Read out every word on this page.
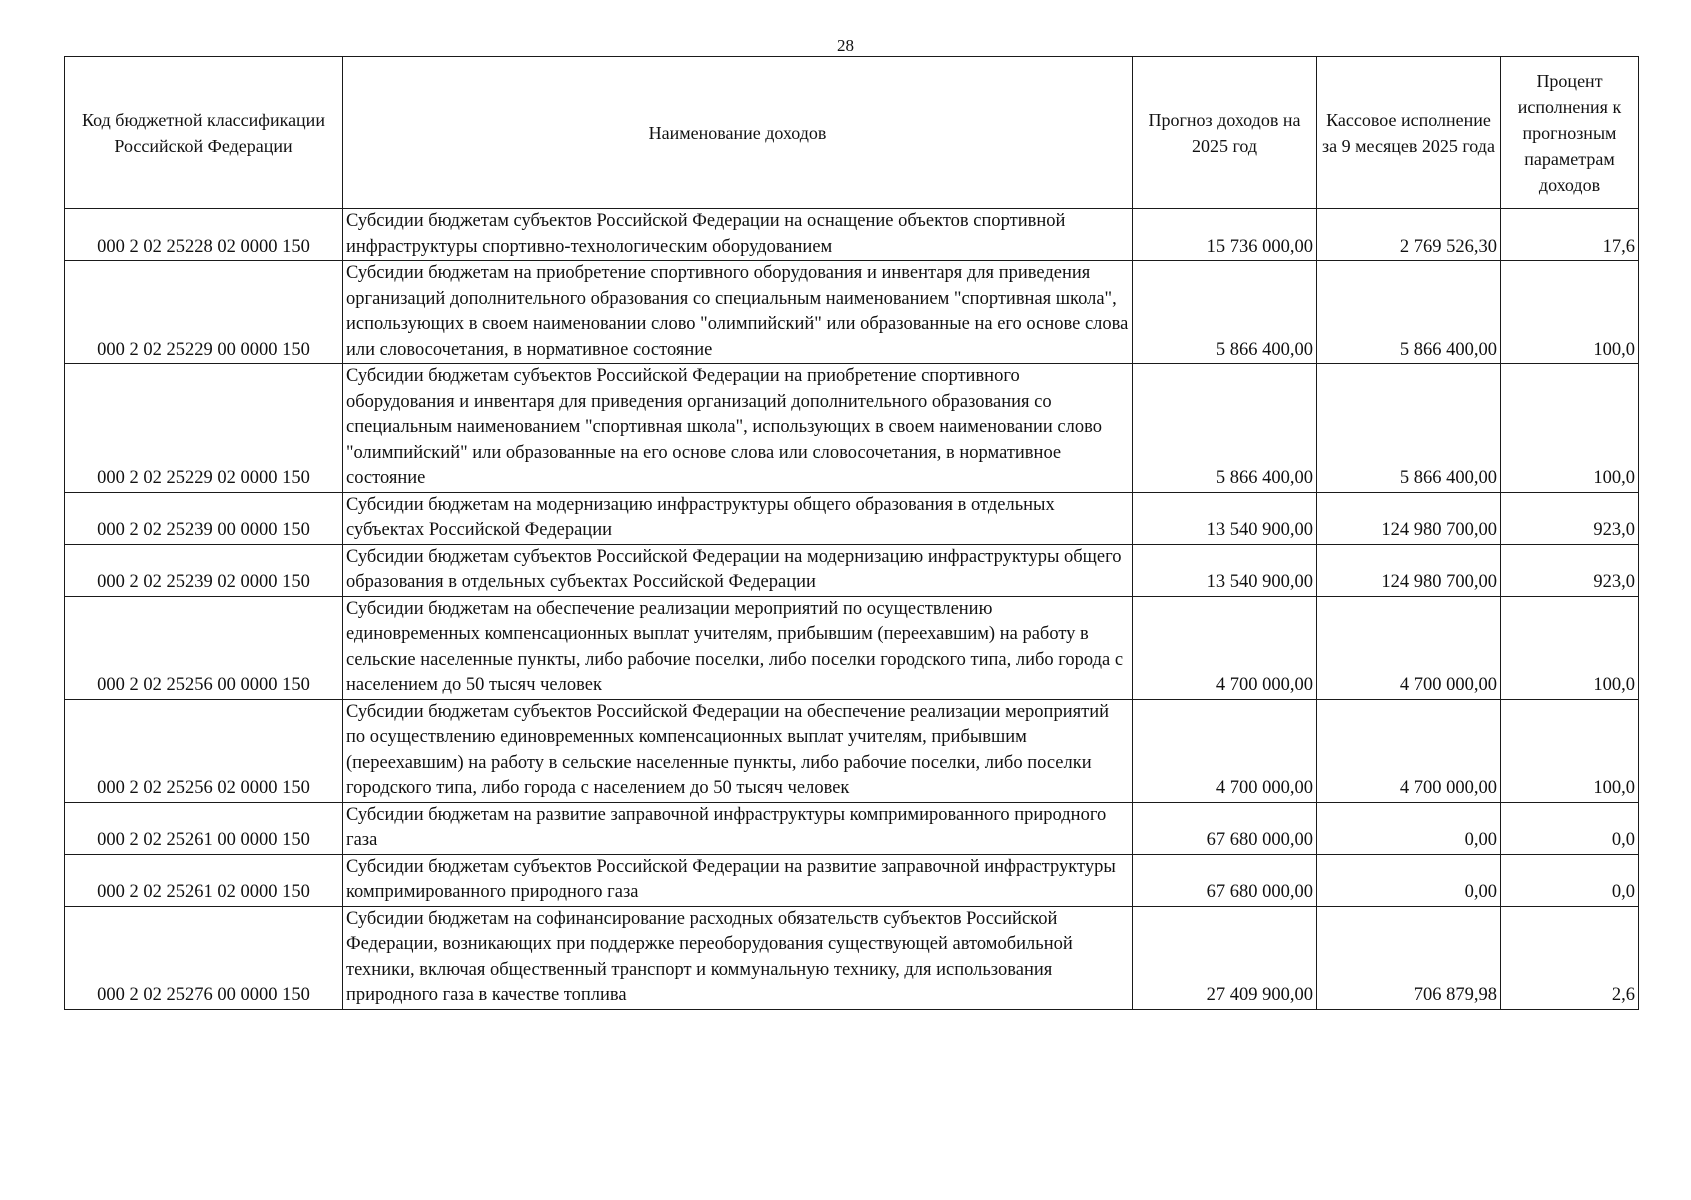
28
Код бюджетной классификации Российской Федерации	Наименование доходов	Прогноз доходов на 2025 год	Кассовое исполнение за 9 месяцев 2025 года	Процент исполнения к прогнозным параметрам доходов
000 2 02 25228 02 0000 150	Субсидии бюджетам субъектов Российской Федерации на оснащение объектов спортивной инфраструктуры спортивно-технологическим оборудованием	15 736 000,00	2 769 526,30	17,6
000 2 02 25229 00 0000 150	Субсидии бюджетам на приобретение спортивного оборудования и инвентаря для приведения организаций дополнительного образования со специальным наименованием "спортивная школа", использующих в своем наименовании слово "олимпийский" или образованные на его основе слова или словосочетания, в нормативное состояние	5 866 400,00	5 866 400,00	100,0
000 2 02 25229 02 0000 150	Субсидии бюджетам субъектов Российской Федерации на приобретение спортивного оборудования и инвентаря для приведения организаций дополнительного образования со специальным наименованием "спортивная школа", использующих в своем наименовании слово "олимпийский" или образованные на его основе слова или словосочетания, в нормативное состояние	5 866 400,00	5 866 400,00	100,0
000 2 02 25239 00 0000 150	Субсидии бюджетам на модернизацию инфраструктуры общего образования в отдельных субъектах Российской Федерации	13 540 900,00	124 980 700,00	923,0
000 2 02 25239 02 0000 150	Субсидии бюджетам субъектов Российской Федерации на модернизацию инфраструктуры общего образования в отдельных субъектах Российской Федерации	13 540 900,00	124 980 700,00	923,0
000 2 02 25256 00 0000 150	Субсидии бюджетам на обеспечение реализации мероприятий по осуществлению единовременных компенсационных выплат учителям, прибывшим (переехавшим) на работу в сельские населенные пункты, либо рабочие поселки, либо поселки городского типа, либо города с населением до 50 тысяч человек	4 700 000,00	4 700 000,00	100,0
000 2 02 25256 02 0000 150	Субсидии бюджетам субъектов Российской Федерации на обеспечение реализации мероприятий по осуществлению единовременных компенсационных выплат учителям, прибывшим (переехавшим) на работу в сельские населенные пункты, либо рабочие поселки, либо поселки городского типа, либо города с населением до 50 тысяч человек	4 700 000,00	4 700 000,00	100,0
000 2 02 25261 00 0000 150	Субсидии бюджетам на развитие заправочной инфраструктуры компримированного природного газа	67 680 000,00	0,00	0,0
000 2 02 25261 02 0000 150	Субсидии бюджетам субъектов Российской Федерации на развитие заправочной инфраструктуры компримированного природного газа	67 680 000,00	0,00	0,0
000 2 02 25276 00 0000 150	Субсидии бюджетам на софинансирование расходных обязательств субъектов Российской Федерации, возникающих при поддержке переоборудования существующей автомобильной техники, включая общественный транспорт и коммунальную технику, для использования природного газа в качестве топлива	27 409 900,00	706 879,98	2,6
